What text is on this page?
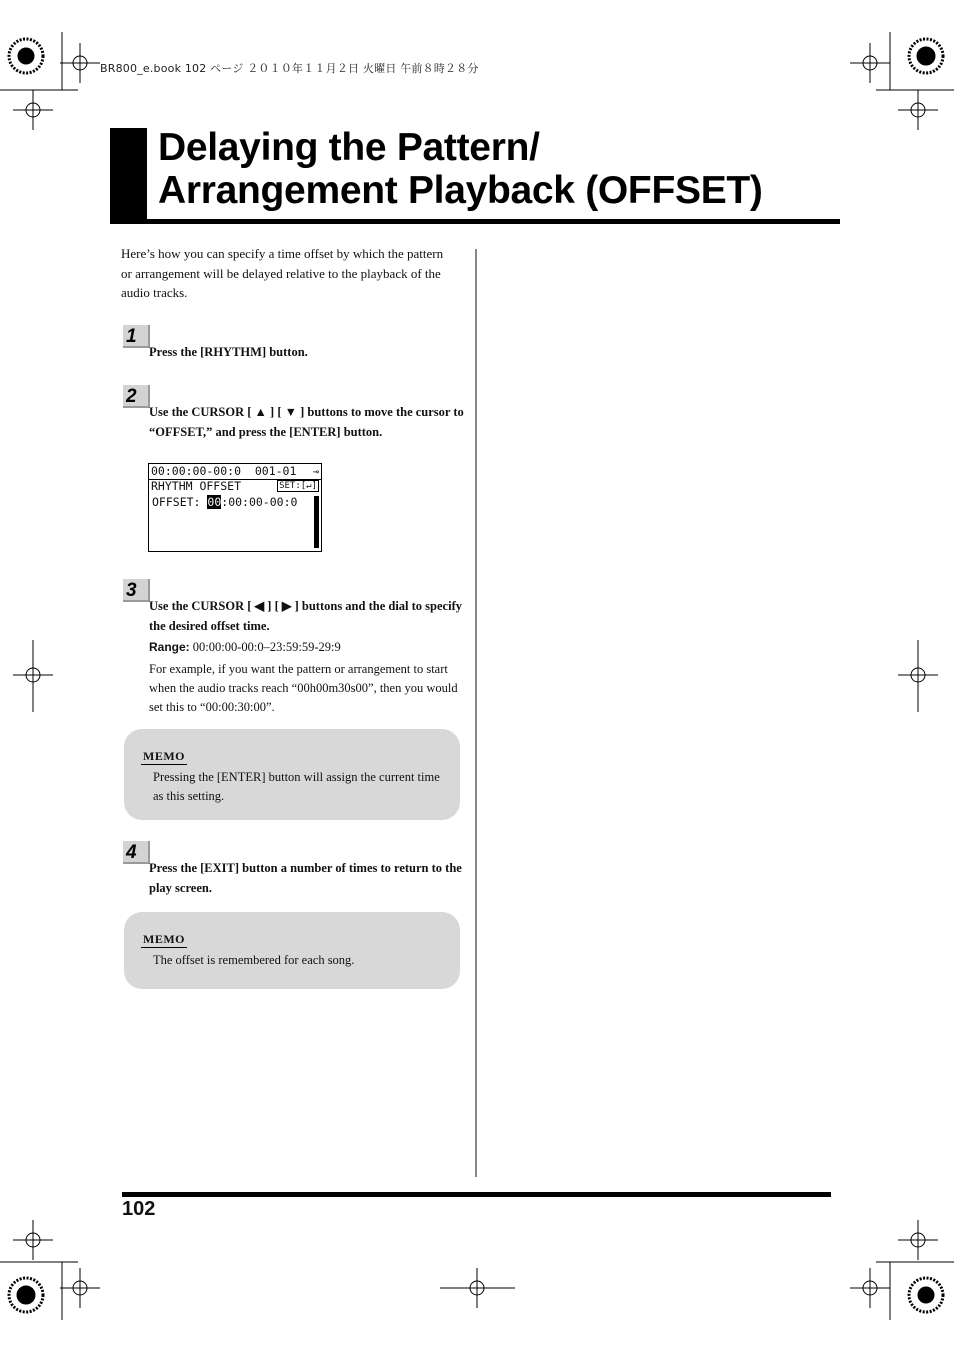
BR800_e.book 102 ページ ２０１０年１１月２日 火曜日 午前８時２８分
Delaying the Pattern/
Arrangement Playback (OFFSET)
Here’s how you can specify a time offset by which the pattern or arrangement will be delayed relative to the playback of the audio tracks.
1
Press the [RHYTHM] button.
2
Use the CURSOR [ ▲ ] [ ▼ ] buttons to move the cursor to “OFFSET,” and press the [ENTER] button.
00:00:00-00:0  001-01 ⊸
RHYTHM OFFSET	SET:[↵]
OFFSET: 00:00:00-00:0
3
Use the CURSOR [ ◀ ] [ ▶ ] buttons and the dial to specify the desired offset time.
Range: 00:00:00-00:0–23:59:59-29:9
For example, if you want the pattern or arrangement to start when the audio tracks reach “00h00m30s00”, then you would set this to “00:00:30:00”.
MEMO
Pressing the [ENTER] button will assign the current time as this setting.
4
Press the [EXIT] button a number of times to return to the play screen.
MEMO
The offset is remembered for each song.
102
